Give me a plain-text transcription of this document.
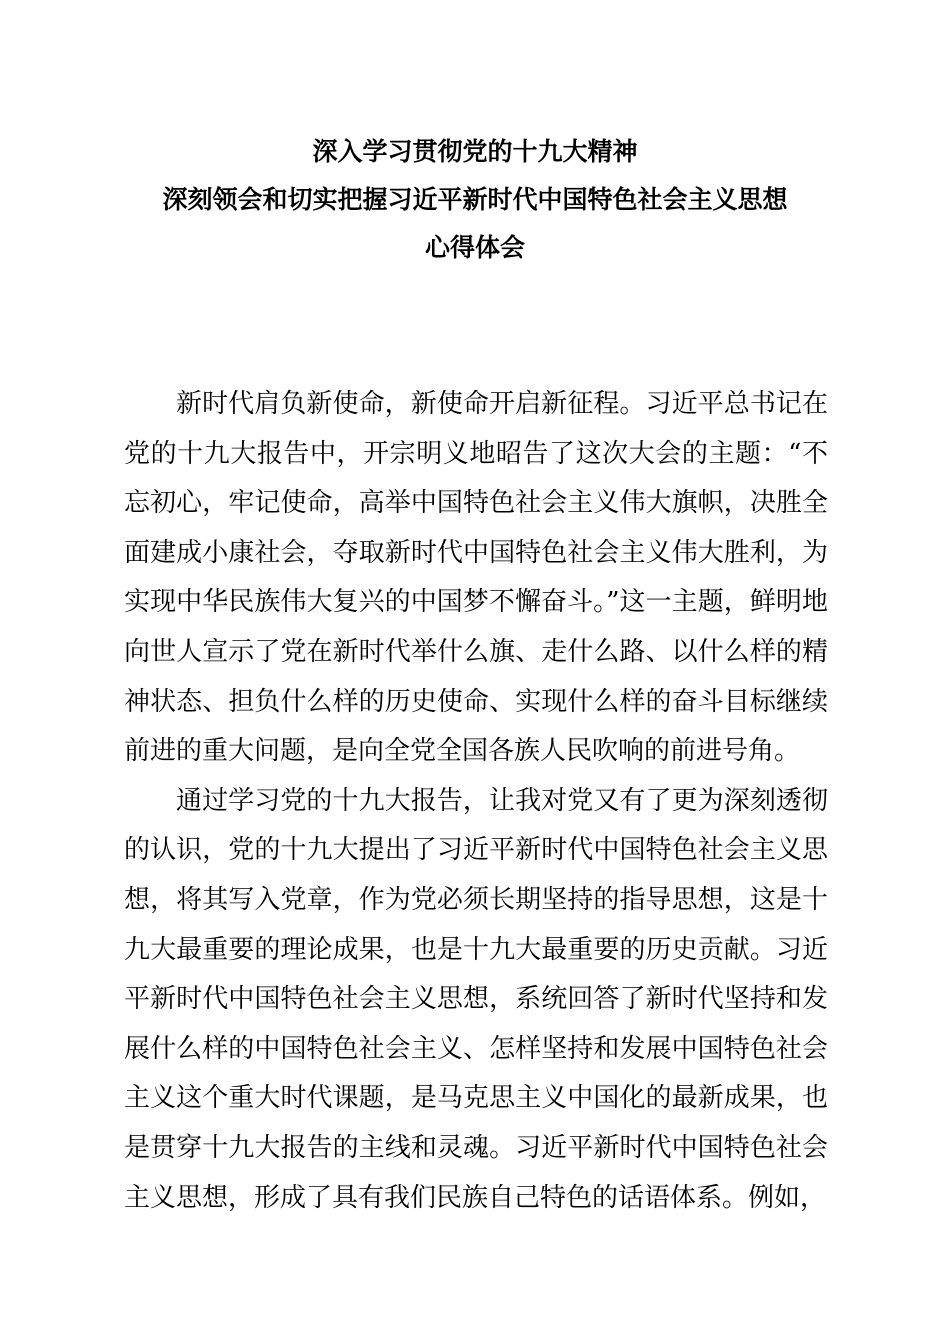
深入学习贯彻党的十九大精神
深刻领会和切实把握习近平新时代中国特色社会主义思想
心得体会

新时代肩负新使命，新使命开启新征程。习近平总书记在党的十九大报告中，开宗明义地昭告了这次大会的主题：“不忘初心，牢记使命，高举中国特色社会主义伟大旗帜，决胜全面建成小康社会，夺取新时代中国特色社会主义伟大胜利，为实现中华民族伟大复兴的中国梦不懈奋斗。”这一主题，鲜明地向世人宣示了党在新时代举什么旗、走什么路、以什么样的精神状态、担负什么样的历史使命、实现什么样的奋斗目标继续前进的重大问题，是向全党全国各族人民吹响的前进号角。

通过学习党的十九大报告，让我对党又有了更为深刻透彻的认识，党的十九大提出了习近平新时代中国特色社会主义思想，将其写入党章，作为党必须长期坚持的指导思想，这是十九大最重要的理论成果，也是十九大最重要的历史贡献。习近平新时代中国特色社会主义思想，系统回答了新时代坚持和发展什么样的中国特色社会主义、怎样坚持和发展中国特色社会主义这个重大时代课题，是马克思主义中国化的最新成果，也是贯穿十九大报告的主线和灵魂。习近平新时代中国特色社会主义思想，形成了具有我们民族自己特色的话语体系。例如，
